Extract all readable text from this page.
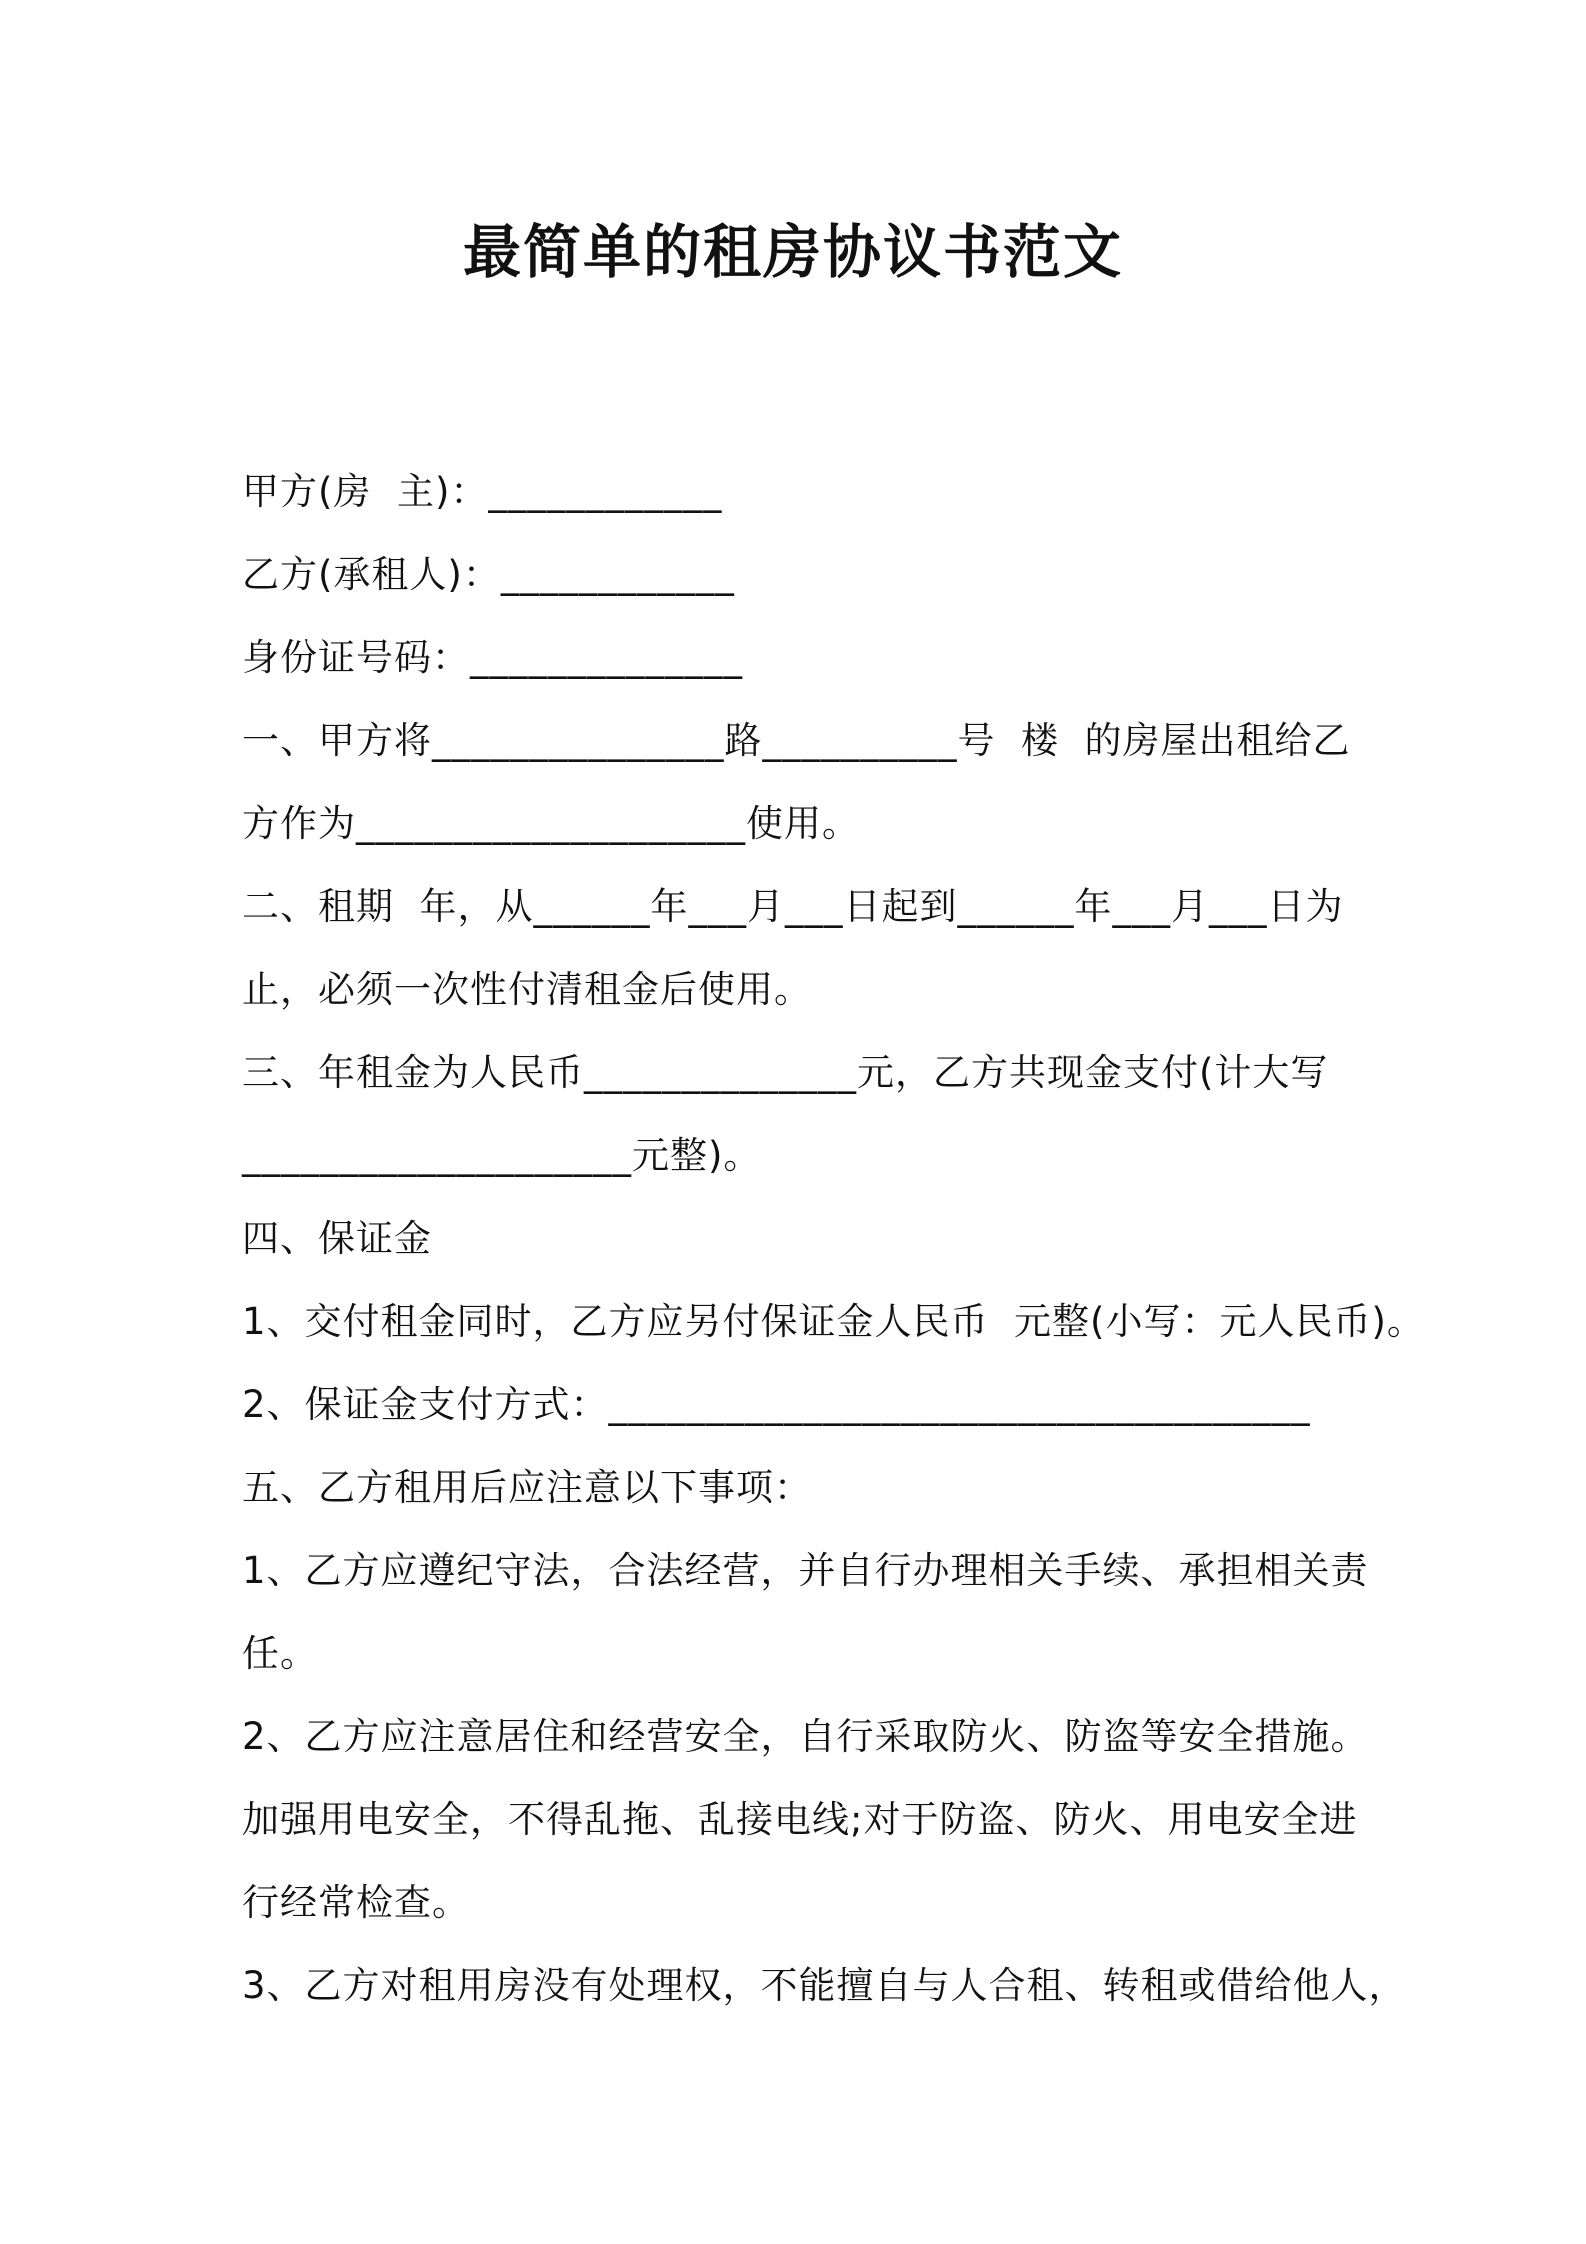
最简单的租房协议书范文
甲方(房  主)：____________
乙方(承租人)：____________
身份证号码：______________
一、甲方将_______________路__________号  楼  的房屋出租给乙
方作为____________________使用。
二、租期  年，从______年___月___日起到______年___月___日为
止，必须一次性付清租金后使用。
三、年租金为人民币______________元，乙方共现金支付(计大写
____________________元整)。
四、保证金
1、交付租金同时，乙方应另付保证金人民币  元整(小写：元人民币)。
2、保证金支付方式：____________________________________
五、乙方租用后应注意以下事项：
1、乙方应遵纪守法，合法经营，并自行办理相关手续、承担相关责
任。
2、乙方应注意居住和经营安全，自行采取防火、防盗等安全措施。
加强用电安全，不得乱拖、乱接电线;对于防盗、防火、用电安全进
行经常检查。
3、乙方对租用房没有处理权，不能擅自与人合租、转租或借给他人，
